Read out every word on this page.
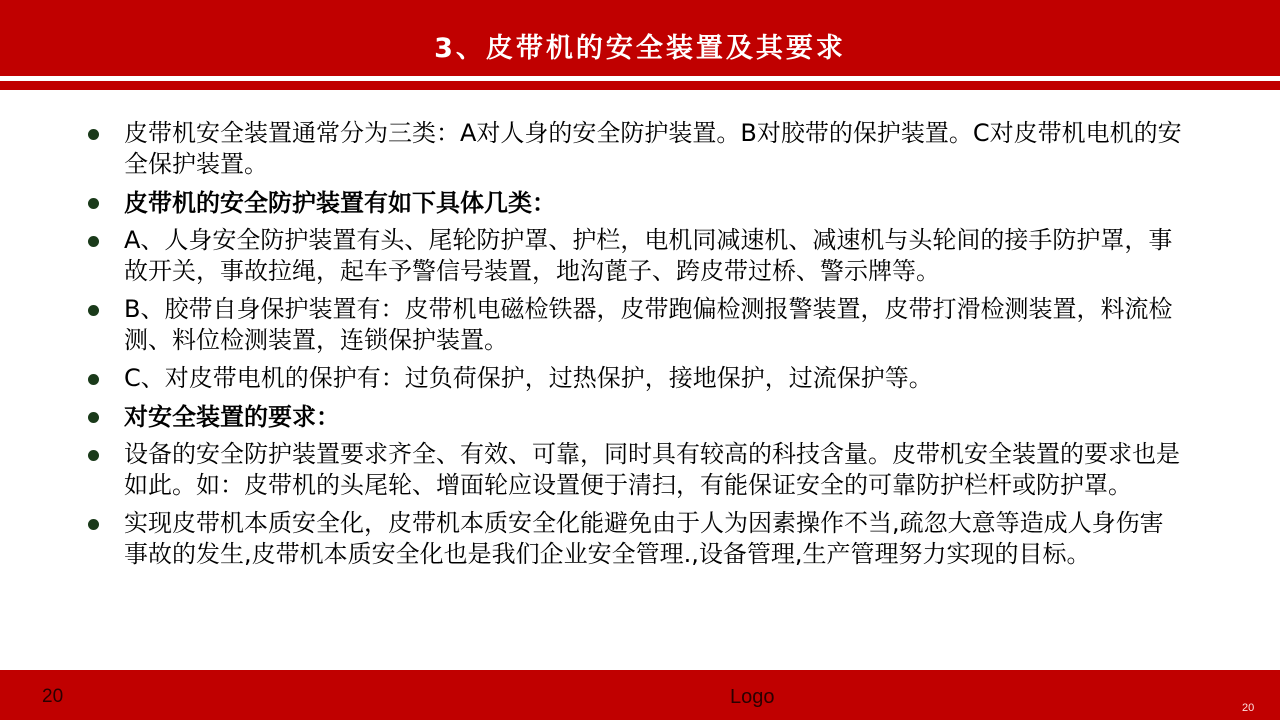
3、皮带机的安全装置及其要求
皮带机安全装置通常分为三类：A对人身的安全防护装置。B对胶带的保护装置。C对皮带机电机的安全保护装置。
皮带机的安全防护装置有如下具体几类：
A、人身安全防护装置有头、尾轮防护罩、护栏，电机同减速机、减速机与头轮间的接手防护罩，事故开关，事故拉绳，起车予警信号装置，地沟蓖子、跨皮带过桥、警示牌等。
B、胶带自身保护装置有：皮带机电磁检铁器，皮带跑偏检测报警装置，皮带打滑检测装置，料流检测、料位检测装置，连锁保护装置。
C、对皮带电机的保护有：过负荷保护，过热保护，接地保护，过流保护等。
对安全装置的要求：
设备的安全防护装置要求齐全、有效、可靠，同时具有较高的科技含量。皮带机安全装置的要求也是如此。如：皮带机的头尾轮、增面轮应设置便于清扫，有能保证安全的可靠防护栏杆或防护罩。
实现皮带机本质安全化，皮带机本质安全化能避免由于人为因素操作不当,疏忽大意等造成人身伤害事故的发生,皮带机本质安全化也是我们企业安全管理.,设备管理,生产管理努力实现的目标。
20	Logo	20
